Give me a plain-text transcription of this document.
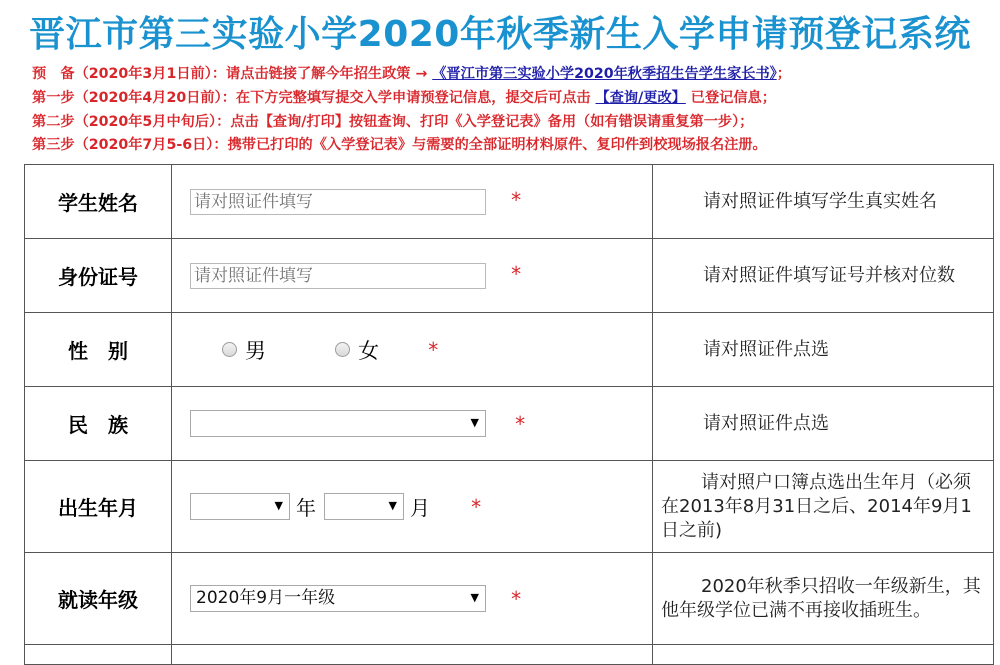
晋江市第三实验小学2020年秋季新生入学申请预登记系统
预　备（2020年3月1日前）：请点击链接了解今年招生政策 → 《晋江市第三实验小学2020年秋季招生告学生家长书》；
第一步（2020年4月20日前）：在下方完整填写提交入学申请预登记信息，提交后可点击 【查询/更改】 已登记信息；
第二步（2020年5月中旬后）：点击【查询/打印】按钮查询、打印《入学登记表》备用（如有错误请重复第一步）；
第三步（2020年7月5-6日）：携带已打印的《入学登记表》与需要的全部证明材料原件、复印件到校现场报名注册。
学生姓名	请对照证件填写*	请对照证件填写学生真实姓名

身份证号	请对照证件填写*	请对照证件填写证号并核对位数

性　别	男 女 *	请对照证件点选

民　族	▼ *	请对照证件点选

出生年月	▼ 年 ▼ 月 *	请对照户口簿点选出生年月（必须在2013年8月31日之后、2014年9月1日之前)

就读年级	2020年9月一年级 ▼ *	2020年秋季只招收一年级新生，其他年级学位已满不再接收插班生。
